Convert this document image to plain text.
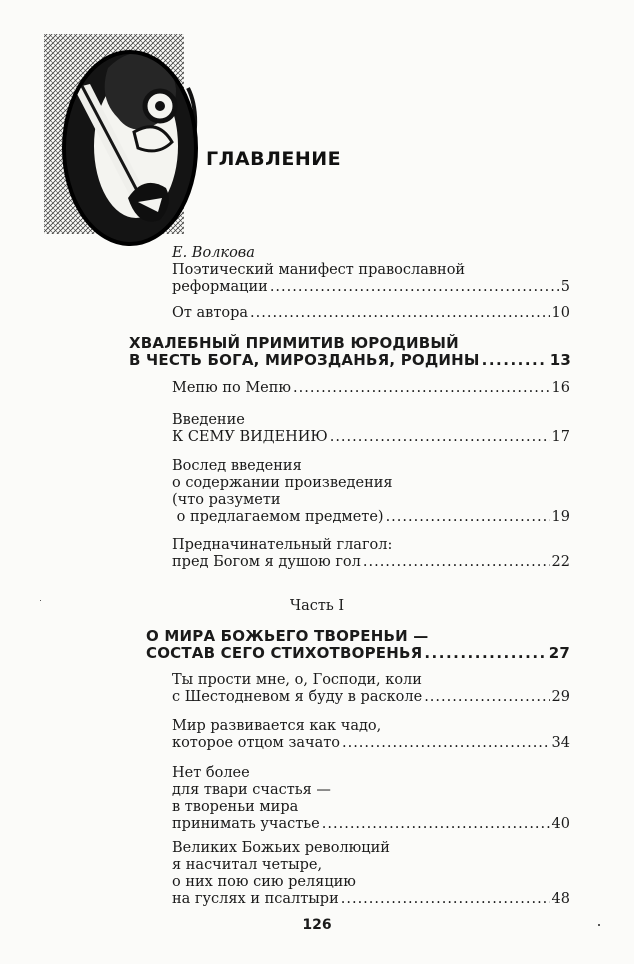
ГЛАВЛЕНИЕ
Е. Волкова
Поэтический манифест православной
реформации .....	5
От автора .....	10
ХВАЛЕБНЫЙ ПРИМИТИВ ЮРОДИВЫЙ
В ЧЕСТЬ БОГА, МИРОЗДАНЬЯ, РОДИНЫ .....	13
Мепю по Мепю .....	16
Введение
К СЕМУ ВИДЕНИЮ .....	17
Вослед введения
о содержании произведения
(что разумети
о предлагаемом предмете) .....	19
Предначинательный глагол:
пред Богом я душою гол .....	22
Часть I
О МИРА БОЖЬЕГО ТВОРЕНЬИ —
СОСТАВ СЕГО СТИХОТВОРЕНЬЯ .....	27
Ты прости мне, о, Господи, коли
с Шестодневом я буду в расколе .....	29
Мир развивается как чадо,
которое отцом зачато .....	34
Нет более
для твари счастья —
в твореньи мира
принимать участье .....	40
Великих Божьих революций
я насчитал четыре,
о них пою сию реляцию
на гуслях и псалтыри .....	48
126
